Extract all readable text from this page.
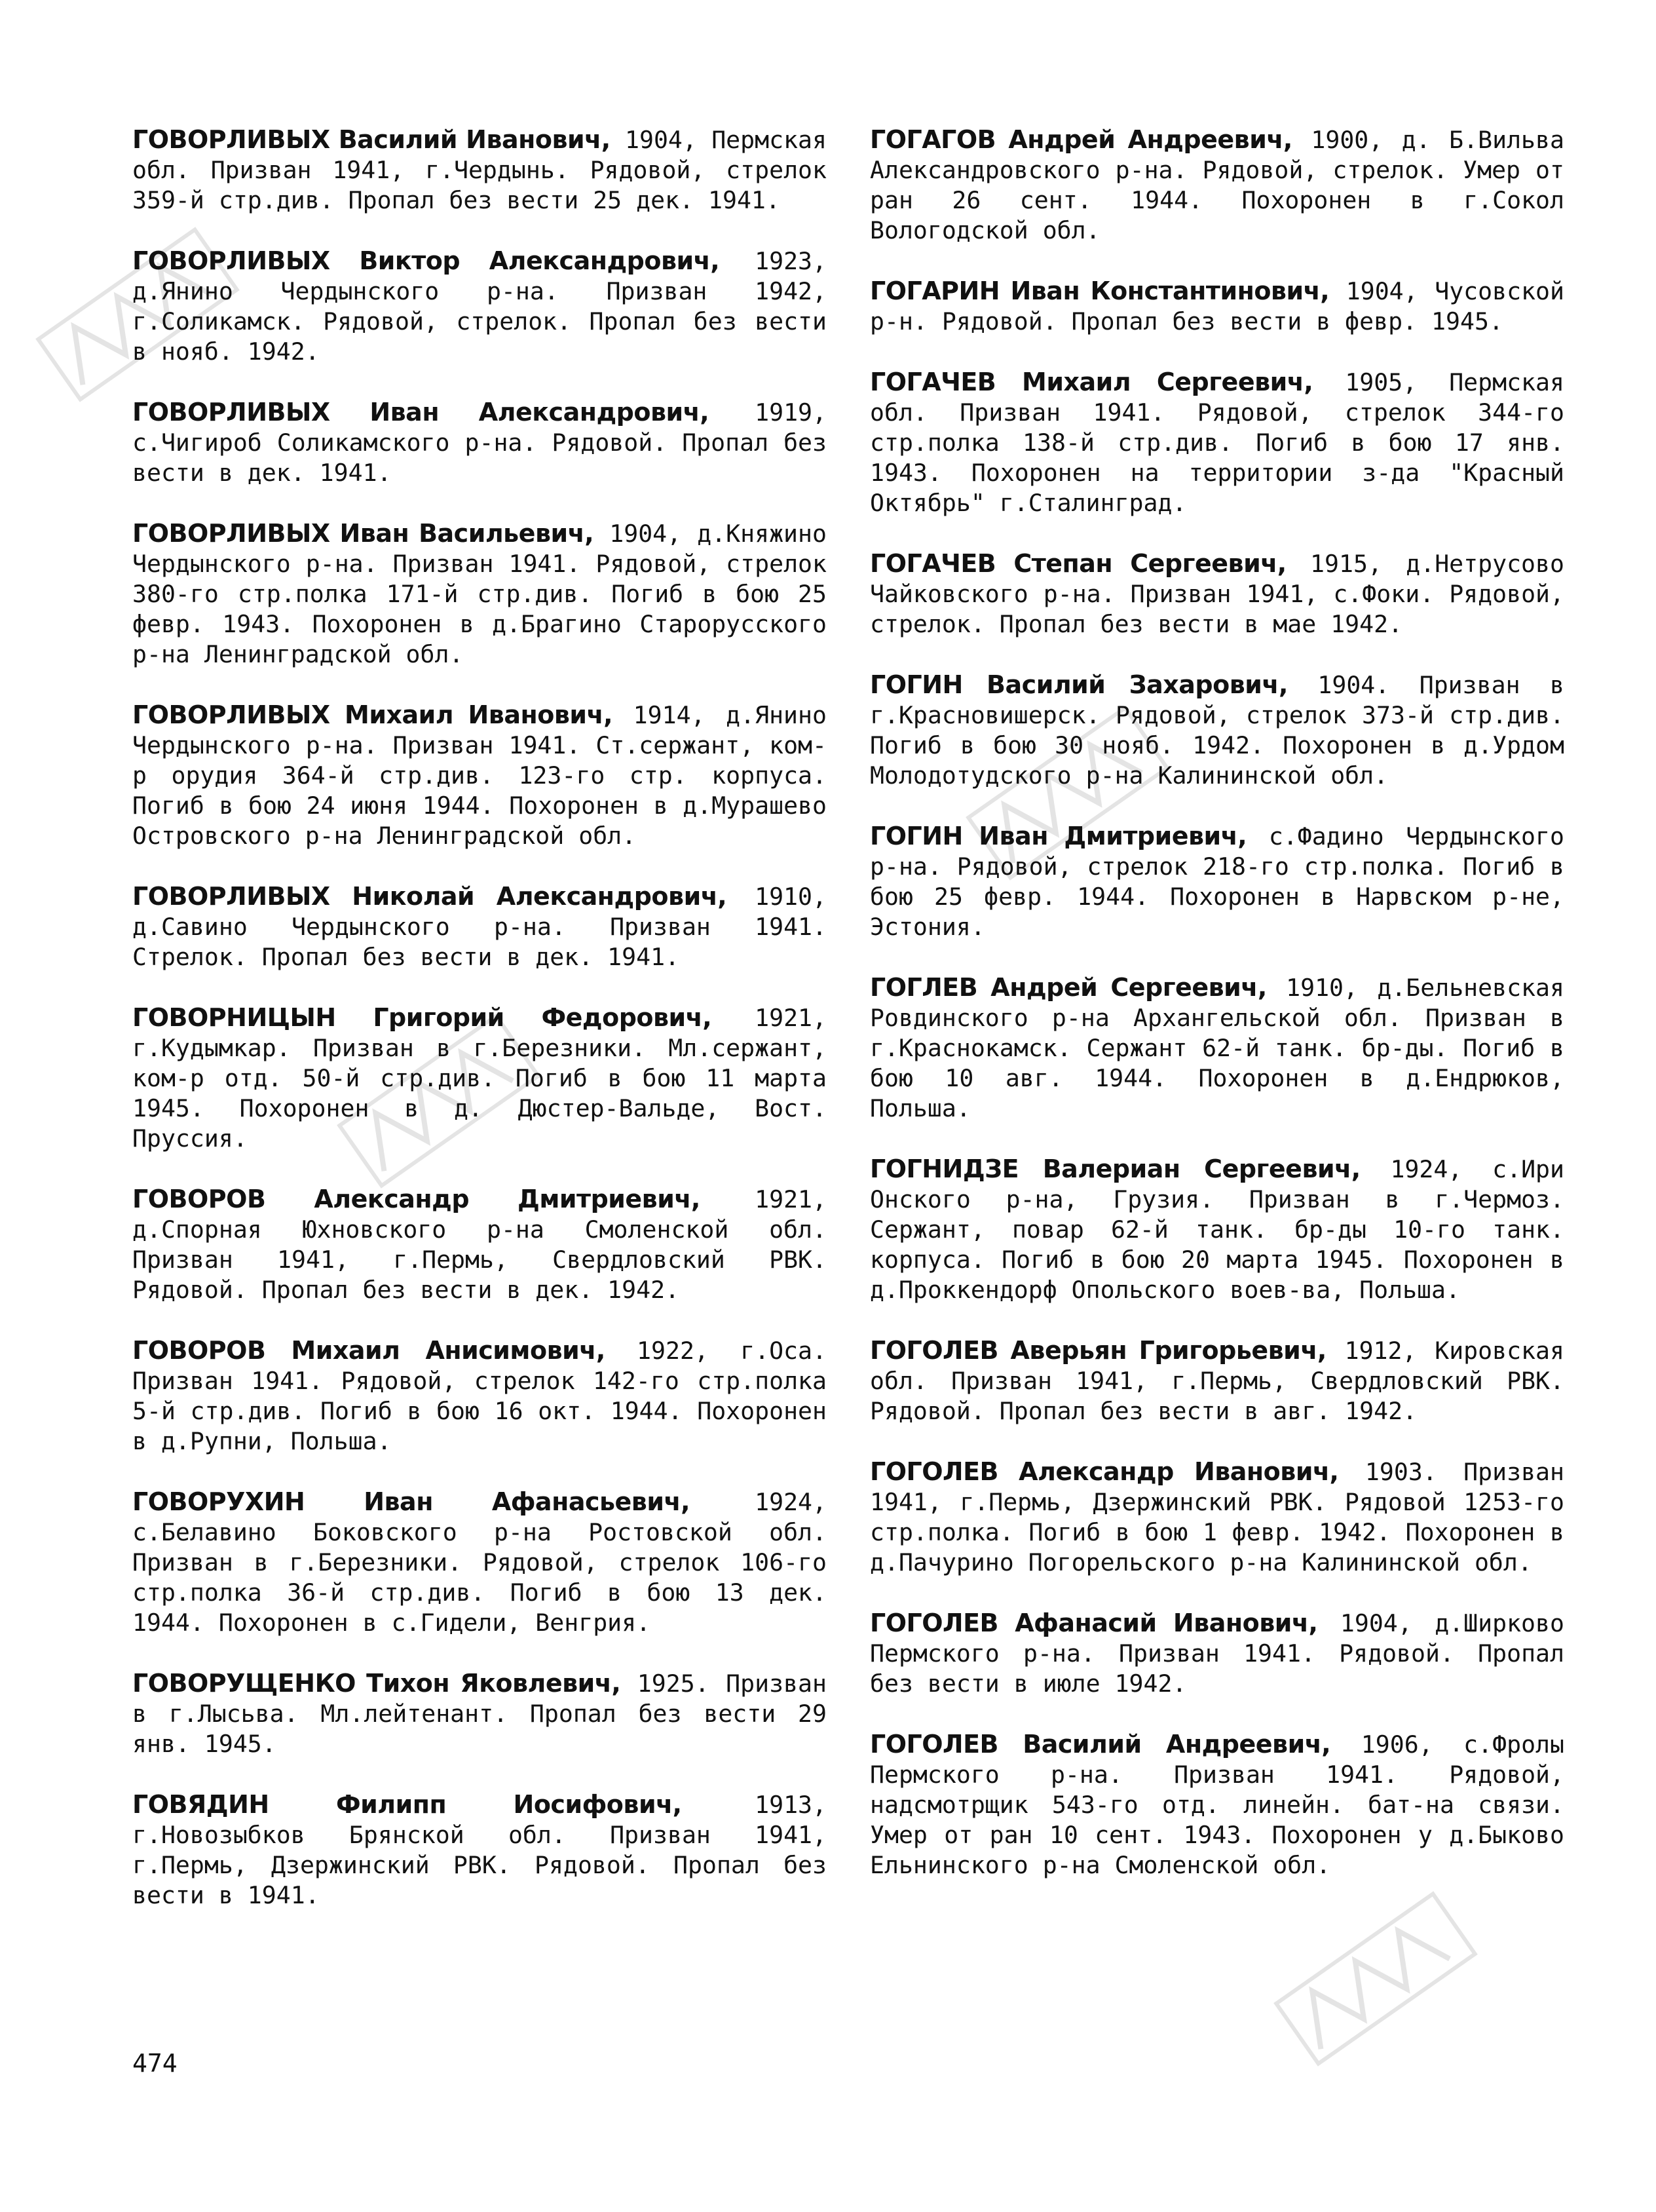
ГОВОРЛИВЫХ Василий Иванович, 1904, Пермская обл. Призван 1941, г.Чердынь. Рядовой, стрелок 359-й стр.див. Пропал без вести 25 дек. 1941.

ГОВОРЛИВЫХ Виктор Александрович, 1923, д.Янино Чердынского р-на. Призван 1942, г.Соликамск. Рядовой, стрелок. Пропал без вести в нояб. 1942.

ГОВОРЛИВЫХ Иван Александрович, 1919, с.Чигироб Соликамского р-на. Рядовой. Пропал без вести в дек. 1941.

ГОВОРЛИВЫХ Иван Васильевич, 1904, д.Княжино Чердынского р-на. Призван 1941. Рядовой, стрелок 380-го стр.полка 171-й стр.див. Погиб в бою 25 февр. 1943. Похоронен в д.Брагино Старорусского р-на Ленинградской обл.

ГОВОРЛИВЫХ Михаил Иванович, 1914, д.Янино Чердынского р-на. Призван 1941. Ст.сержант, ком-р орудия 364-й стр.див. 123-го стр. корпуса. Погиб в бою 24 июня 1944. Похоронен в д.Мурашево Островского р-на Ленинградской обл.

ГОВОРЛИВЫХ Николай Александрович, 1910, д.Савино Чердынского р-на. Призван 1941. Стрелок. Пропал без вести в дек. 1941.

ГОВОРНИЦЫН Григорий Федорович, 1921, г.Кудымкар. Призван в г.Березники. Мл.сержант, ком-р отд. 50-й стр.див. Погиб в бою 11 марта 1945. Похоронен в д. Дюстер-Вальде, Вост. Пруссия.

ГОВОРОВ Александр Дмитриевич, 1921, д.Спорная Юхновского р-на Смоленской обл. Призван 1941, г.Пермь, Свердловский РВК. Рядовой. Пропал без вести в дек. 1942.

ГОВОРОВ Михаил Анисимович, 1922, г.Оса. Призван 1941. Рядовой, стрелок 142-го стр.полка 5-й стр.див. Погиб в бою 16 окт. 1944. Похоронен в д.Рупни, Польша.

ГОВОРУХИН Иван Афанасьевич, 1924, с.Белавино Боковского р-на Ростовской обл. Призван в г.Березники. Рядовой, стрелок 106-го стр.полка 36-й стр.див. Погиб в бою 13 дек. 1944. Похоронен в с.Гидели, Венгрия.

ГОВОРУЩЕНКО Тихон Яковлевич, 1925. Призван в г.Лысьва. Мл.лейтенант. Пропал без вести 29 янв. 1945.

ГОВЯДИН Филипп Иосифович, 1913, г.Новозыбков Брянской обл. Призван 1941, г.Пермь, Дзержинский РВК. Рядовой. Пропал без вести в 1941.

ГОГАГОВ Андрей Андреевич, 1900, д. Б.Вильва Александровского р-на. Рядовой, стрелок. Умер от ран 26 сент. 1944. Похоронен в г.Сокол Вологодской обл.

ГОГАРИН Иван Константинович, 1904, Чусовской р-н. Рядовой. Пропал без вести в февр. 1945.

ГОГАЧЕВ Михаил Сергеевич, 1905, Пермская обл. Призван 1941. Рядовой, стрелок 344-го стр.полка 138-й стр.див. Погиб в бою 17 янв. 1943. Похоронен на территории з-да "Красный Октябрь" г.Сталинград.

ГОГАЧЕВ Степан Сергеевич, 1915, д.Нетрусово Чайковского р-на. Призван 1941, с.Фоки. Рядовой, стрелок. Пропал без вести в мае 1942.

ГОГИН Василий Захарович, 1904. Призван в г.Красновишерск. Рядовой, стрелок 373-й стр.див. Погиб в бою 30 нояб. 1942. Похоронен в д.Урдом Молодотудского р-на Калининской обл.

ГОГИН Иван Дмитриевич, с.Фадино Чердынского р-на. Рядовой, стрелок 218-го стр.полка. Погиб в бою 25 февр. 1944. Похоронен в Нарвском р-не, Эстония.

ГОГЛЕВ Андрей Сергеевич, 1910, д.Бельневская Ровдинского р-на Архангельской обл. Призван в г.Краснокамск. Сержант 62-й танк. бр-ды. Погиб в бою 10 авг. 1944. Похоронен в д.Ендрюков, Польша.

ГОГНИДЗЕ Валериан Сергеевич, 1924, с.Ири Онского р-на, Грузия. Призван в г.Чермоз. Сержант, повар 62-й танк. бр-ды 10-го танк. корпуса. Погиб в бою 20 марта 1945. Похоронен в д.Проккендорф Опольского воев-ва, Польша.

ГОГОЛЕВ Аверьян Григорьевич, 1912, Кировская обл. Призван 1941, г.Пермь, Свердловский РВК. Рядовой. Пропал без вести в авг. 1942.

ГОГОЛЕВ Александр Иванович, 1903. Призван 1941, г.Пермь, Дзержинский РВК. Рядовой 1253-го стр.полка. Погиб в бою 1 февр. 1942. Похоронен в д.Пачурино Погорельского р-на Калининской обл.

ГОГОЛЕВ Афанасий Иванович, 1904, д.Ширково Пермского р-на. Призван 1941. Рядовой. Пропал без вести в июле 1942.

ГОГОЛЕВ Василий Андреевич, 1906, с.Фролы Пермского р-на. Призван 1941. Рядовой, надсмотрщик 543-го отд. линейн. бат-на связи. Умер от ран 10 сент. 1943. Похоронен у д.Быково Ельнинского р-на Смоленской обл.

474
